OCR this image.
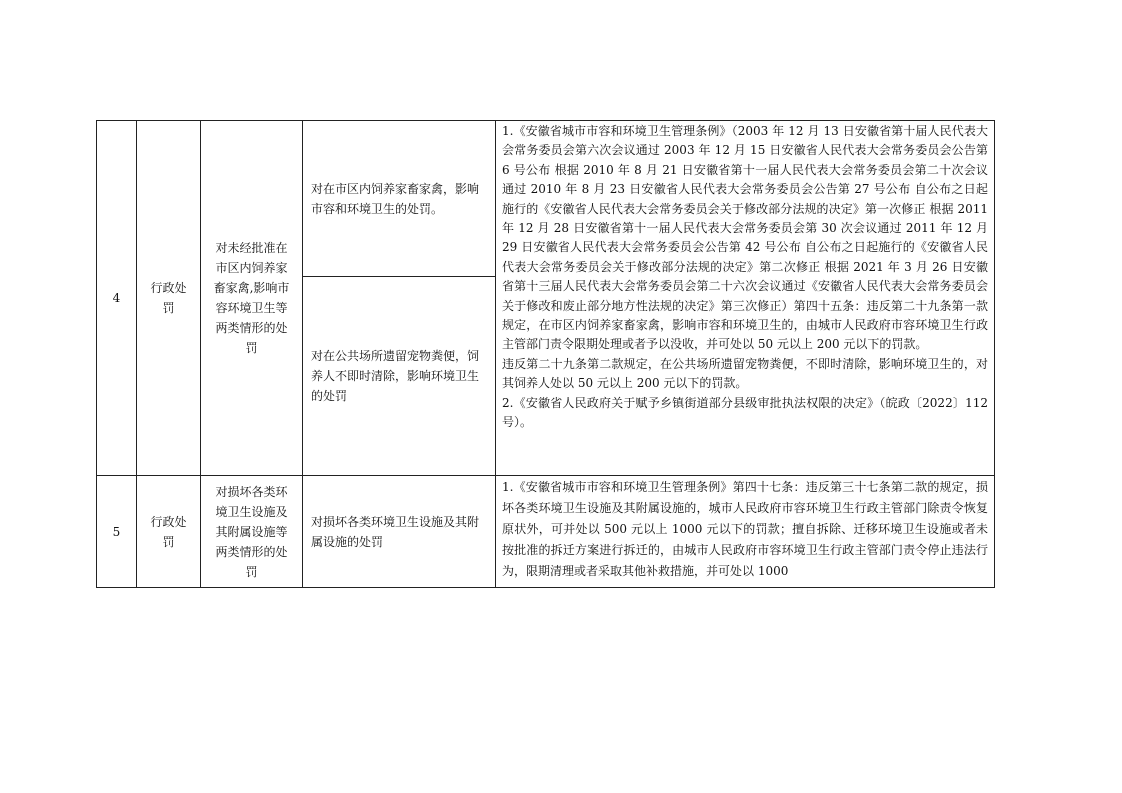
4	行政处罚	对未经批准在市区内饲养家畜家禽,影响市容环境卫生等两类情形的处罚	对在市区内饲养家畜家禽，影响市容和环境卫生的处罚。	1.《安徽省城市市容和环境卫生管理条例》（2003 年 12 月 13 日安徽省第十届人民代表大会常务委员会第六次会议通过 2003 年 12 月 15 日安徽省人民代表大会常务委员会公告第 6 号公布 根据 2010 年 8 月 21 日安徽省第十一届人民代表大会常务委员会第二十次会议通过 2010 年 8 月 23 日安徽省人民代表大会常务委员会公告第 27 号公布 自公布之日起施行的《安徽省人民代表大会常务委员会关于修改部分法规的决定》第一次修正 根据 2011 年 12 月 28 日安徽省第十一届人民代表大会常务委员会第 30 次会议通过 2011 年 12 月 29 日安徽省人民代表大会常务委员会公告第 42 号公布 自公布之日起施行的《安徽省人民代表大会常务委员会关于修改部分法规的决定》第二次修正 根据 2021 年 3 月 26 日安徽省第十三届人民代表大会常务委员会第二十六次会议通过《安徽省人民代表大会常务委员会关于修改和废止部分地方性法规的决定》第三次修正）第四十五条：违反第二十九条第一款规定，在市区内饲养家畜家禽，影响市容和环境卫生的，由城市人民政府市容环境卫生行政主管部门责令限期处理或者予以没收，并可处以 50 元以上 200 元以下的罚款。

违反第二十九条第二款规定，在公共场所遗留宠物粪便，不即时清除，影响环境卫生的，对其饲养人处以 50 元以上 200 元以下的罚款。

2.《安徽省人民政府关于赋予乡镇街道部分县级审批执法权限的决定》（皖政〔2022〕112 号）。

			对在公共场所遗留宠物粪便，饲养人不即时清除，影响环境卫生的处罚	
5	行政处罚	对损坏各类环境卫生设施及其附属设施等两类情形的处罚	对损坏各类环境卫生设施及其附属设施的处罚	1.《安徽省城市市容和环境卫生管理条例》第四十七条：违反第三十七条第二款的规定，损坏各类环境卫生设施及其附属设施的，城市人民政府市容环境卫生行政主管部门除责令恢复原状外，可并处以 500 元以上 1000 元以下的罚款；擅自拆除、迁移环境卫生设施或者未按批准的拆迁方案进行拆迁的，由城市人民政府市容环境卫生行政主管部门责令停止违法行为，限期清理或者采取其他补救措施，并可处以 1000
